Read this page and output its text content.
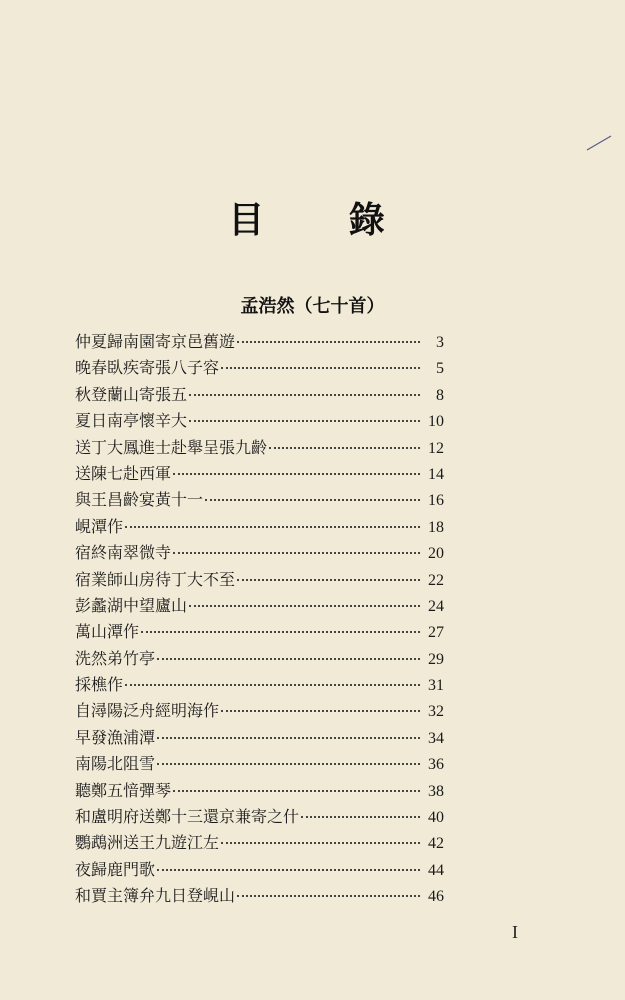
目 錄
孟浩然（七十首）
仲夏歸南園寄京邑舊遊	3
晚春臥疾寄張八子容	5
秋登蘭山寄張五	8
夏日南亭懷辛大	10
送丁大鳳進士赴舉呈張九齡	12
送陳七赴西軍	14
與王昌齡宴黃十一	16
峴潭作	18
宿終南翠微寺	20
宿業師山房待丁大不至	22
彭蠡湖中望廬山	24
萬山潭作	27
洗然弟竹亭	29
採樵作	31
自潯陽泛舟經明海作	32
早發漁浦潭	34
南陽北阻雪	36
聽鄭五愔彈琴	38
和盧明府送鄭十三還京兼寄之什	40
鸚鵡洲送王九遊江左	42
夜歸鹿門歌	44
和賈主簿弁九日登峴山	46
I
